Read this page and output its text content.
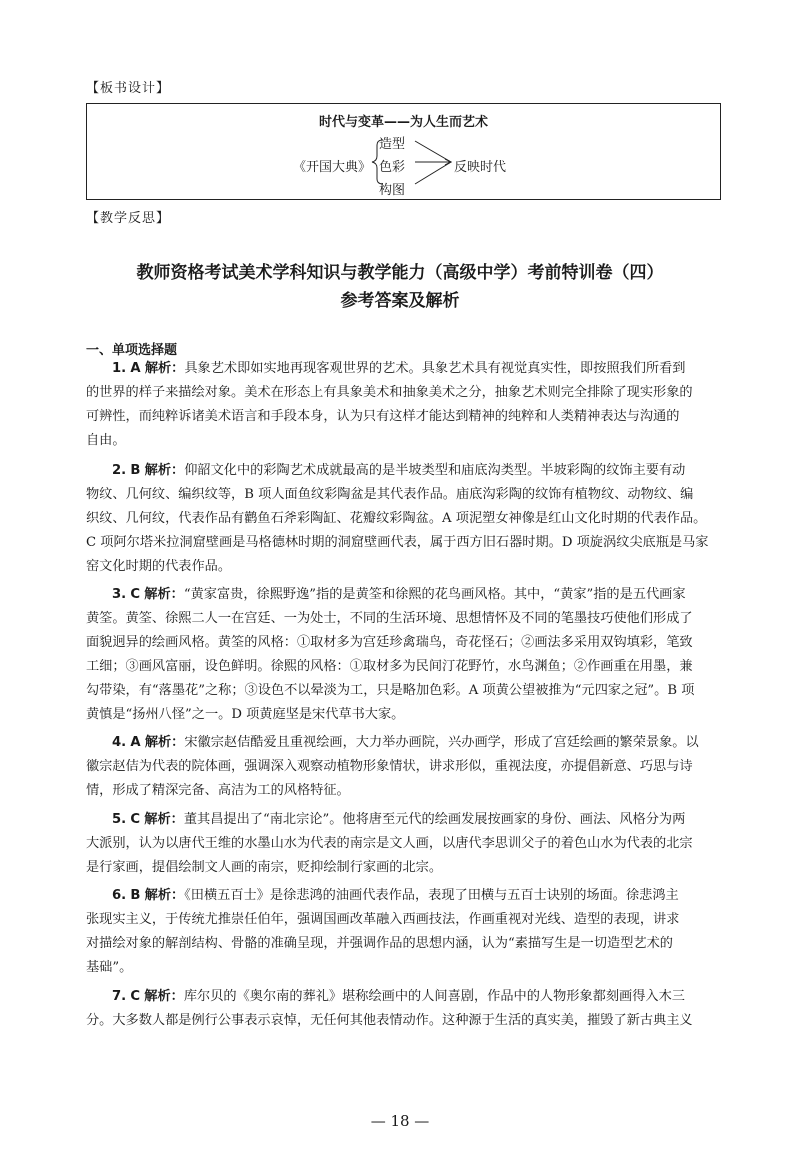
【板书设计】
时代与变革——为人生而艺术
《开国大典》
造型
色彩
构图
反映时代
【教学反思】
教师资格考试美术学科知识与教学能力（高级中学）考前特训卷（四）
参考答案及解析
一、单项选择题
1. A 解析：具象艺术即如实地再现客观世界的艺术。具象艺术具有视觉真实性，即按照我们所看到
的世界的样子来描绘对象。美术在形态上有具象美术和抽象美术之分，抽象艺术则完全排除了现实形象的
可辨性，而纯粹诉诸美术语言和手段本身，认为只有这样才能达到精神的纯粹和人类精神表达与沟通的
自由。
2. B 解析：仰韶文化中的彩陶艺术成就最高的是半坡类型和庙底沟类型。半坡彩陶的纹饰主要有动
物纹、几何纹、编织纹等，B 项人面鱼纹彩陶盆是其代表作品。庙底沟彩陶的纹饰有植物纹、动物纹、编
织纹、几何纹，代表作品有鹳鱼石斧彩陶缸、花瓣纹彩陶盆。A 项泥塑女神像是红山文化时期的代表作品。
C 项阿尔塔米拉洞窟壁画是马格德林时期的洞窟壁画代表，属于西方旧石器时期。D 项旋涡纹尖底瓶是马家
窑文化时期的代表作品。
3. C 解析：“黄家富贵，徐熙野逸”指的是黄筌和徐熙的花鸟画风格。其中，“黄家”指的是五代画家
黄筌。黄筌、徐熙二人一在宫廷、一为处士，不同的生活环境、思想情怀及不同的笔墨技巧使他们形成了
面貌迥异的绘画风格。黄筌的风格：①取材多为宫廷珍禽瑞鸟，奇花怪石；②画法多采用双钩填彩，笔致
工细；③画风富丽，设色鲜明。徐熙的风格：①取材多为民间汀花野竹，水鸟渊鱼；②作画重在用墨，兼
勾带染，有“落墨花”之称；③设色不以晕淡为工，只是略加色彩。A 项黄公望被推为“元四家之冠”。B 项
黄慎是“扬州八怪”之一。D 项黄庭坚是宋代草书大家。
4. A 解析：宋徽宗赵佶酷爱且重视绘画，大力举办画院，兴办画学，形成了宫廷绘画的繁荣景象。以
徽宗赵佶为代表的院体画，强调深入观察动植物形象情状，讲求形似，重视法度，亦提倡新意、巧思与诗
情，形成了精深完备、高洁为工的风格特征。
5. C 解析：董其昌提出了“南北宗论”。他将唐至元代的绘画发展按画家的身份、画法、风格分为两
大派别，认为以唐代王维的水墨山水为代表的南宗是文人画，以唐代李思训父子的着色山水为代表的北宗
是行家画，提倡绘制文人画的南宗，贬抑绘制行家画的北宗。
6. B 解析：《田横五百士》是徐悲鸿的油画代表作品，表现了田横与五百士诀别的场面。徐悲鸿主
张现实主义，于传统尤推崇任伯年，强调国画改革融入西画技法，作画重视对光线、造型的表现，讲求
对描绘对象的解剖结构、骨骼的准确呈现，并强调作品的思想内涵，认为“素描写生是一切造型艺术的
基础”。
7. C 解析：库尔贝的《奥尔南的葬礼》堪称绘画中的人间喜剧，作品中的人物形象都刻画得入木三
分。大多数人都是例行公事表示哀悼，无任何其他表情动作。这种源于生活的真实美，摧毁了新古典主义
— 18 —
